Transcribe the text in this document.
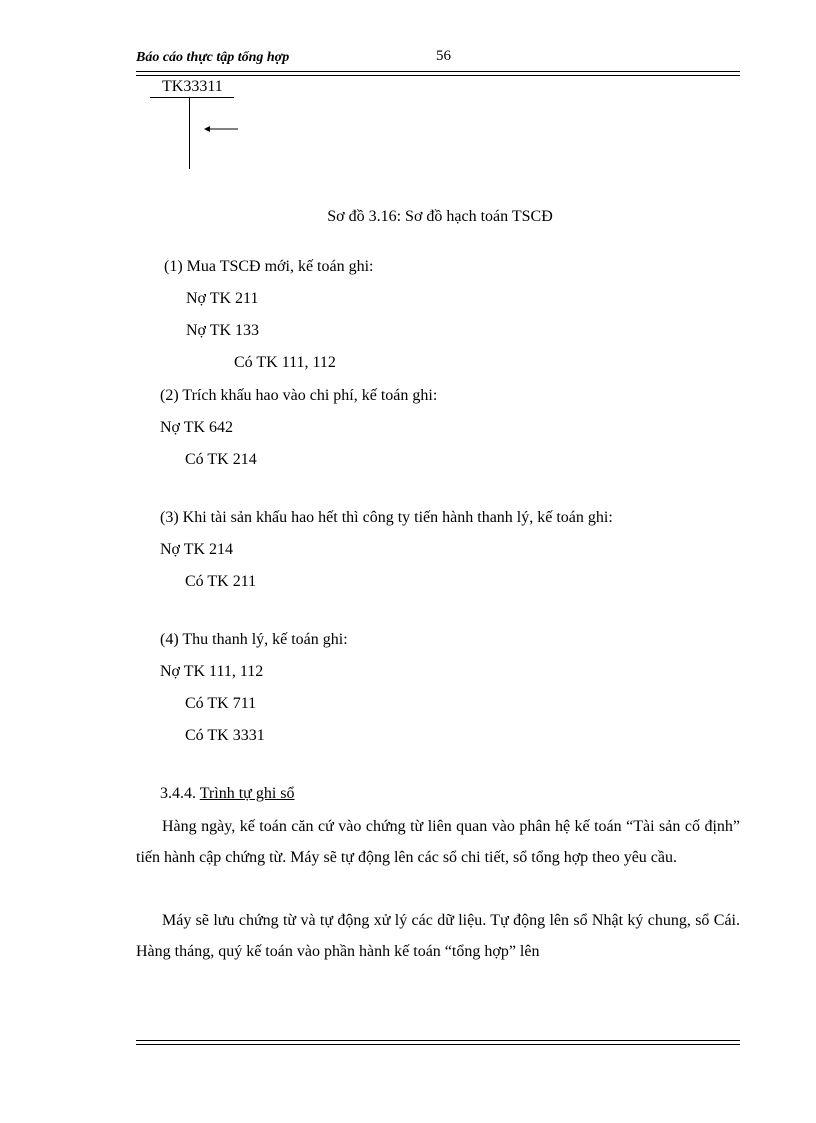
Báo cáo thực tập tổng hợp	56
TK33311
Sơ đồ 3.16: Sơ đồ hạch toán TSCĐ
(1) Mua TSCĐ mới, kế toán ghi:
Nợ TK 211
Nợ TK 133
Có TK 111, 112
(2) Trích khấu hao vào chi phí, kế toán ghi:
Nợ TK 642
Có TK 214
(3) Khi tài sản khấu hao hết thì công ty tiến hành thanh lý, kế toán ghi:
Nợ TK 214
Có TK 211
(4) Thu thanh lý, kế toán ghi:
Nợ TK 111, 112
Có TK 711
Có TK 3331
3.4.4. Trình tự ghi sổ
Hàng ngày, kế toán căn cứ vào chứng từ liên quan vào phân hệ kế toán “Tài sản cố định” tiến hành cập chứng từ. Máy sẽ tự động lên các sổ chi tiết, sổ tổng hợp theo yêu cầu.
Máy sẽ lưu chứng từ và tự động xử lý các dữ liệu. Tự động lên sổ Nhật ký chung, sổ Cái. Hàng tháng, quý kế toán vào phần hành kế toán “tổng hợp” lên
